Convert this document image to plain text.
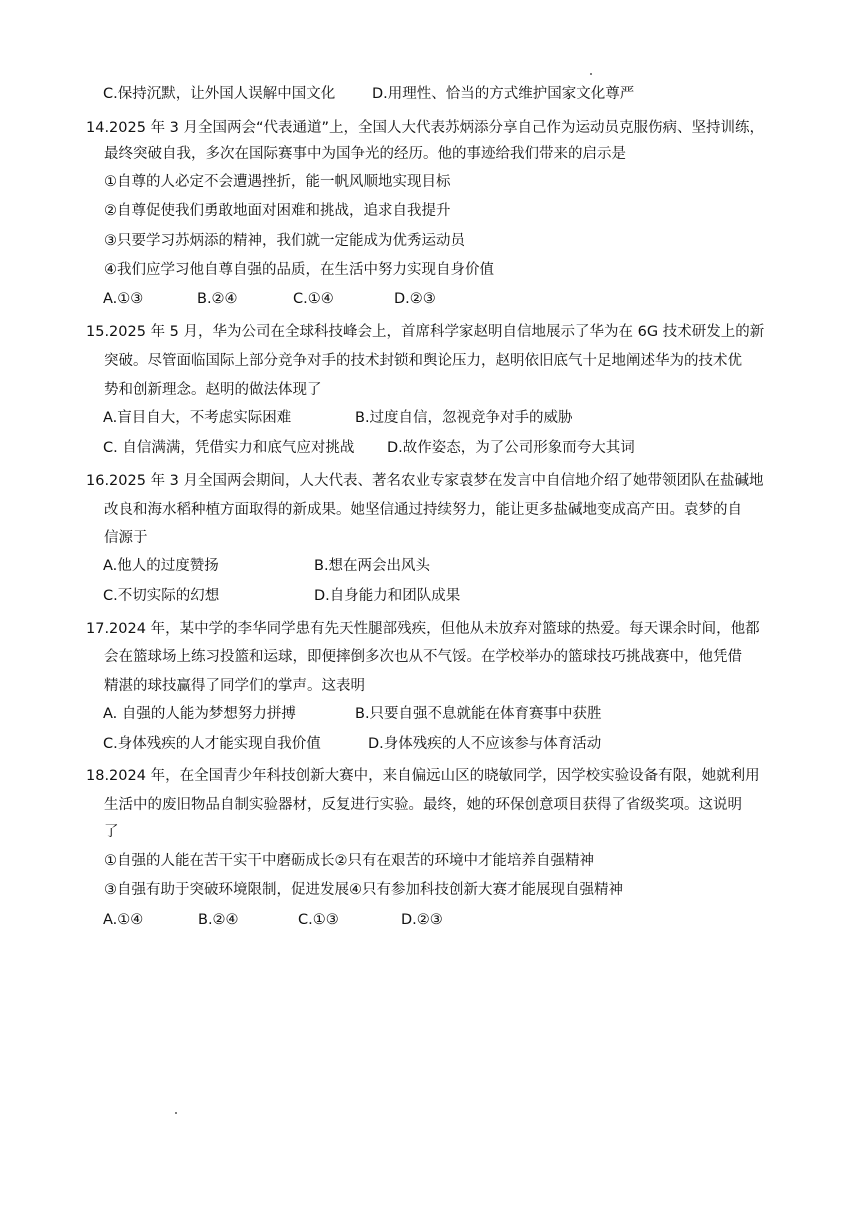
C.保持沉默，让外国人误解中国文化	D.用理性、恰当的方式维护国家文化尊严
14.2025 年 3 月全国两会“代表通道”上，全国人大代表苏炳添分享自己作为运动员克服伤病、坚持训练，
最终突破自我，多次在国际赛事中为国争光的经历。他的事迹给我们带来的启示是
①自尊的人必定不会遭遇挫折，能一帆风顺地实现目标
②自尊促使我们勇敢地面对困难和挑战，追求自我提升
③只要学习苏炳添的精神，我们就一定能成为优秀运动员
④我们应学习他自尊自强的品质，在生活中努力实现自身价值
A.①③	B.②④	C.①④	D.②③
15.2025 年 5 月，华为公司在全球科技峰会上，首席科学家赵明自信地展示了华为在 6G 技术研发上的新
突破。尽管面临国际上部分竞争对手的技术封锁和舆论压力，赵明依旧底气十足地阐述华为的技术优
势和创新理念。赵明的做法体现了
A.盲目自大，不考虑实际困难	B.过度自信，忽视竞争对手的威胁
C. 自信满满，凭借实力和底气应对挑战 D.故作姿态，为了公司形象而夸大其词
16.2025 年 3 月全国两会期间，人大代表、著名农业专家袁梦在发言中自信地介绍了她带领团队在盐碱地
改良和海水稻种植方面取得的新成果。她坚信通过持续努力，能让更多盐碱地变成高产田。袁梦的自
信源于
A.他人的过度赞扬	B.想在两会出风头
C.不切实际的幻想	D.自身能力和团队成果
17.2024 年，某中学的李华同学患有先天性腿部残疾，但他从未放弃对篮球的热爱。每天课余时间，他都
会在篮球场上练习投篮和运球，即便摔倒多次也从不气馁。在学校举办的篮球技巧挑战赛中，他凭借
精湛的球技赢得了同学们的掌声。这表明
A. 自强的人能为梦想努力拼搏	B.只要自强不息就能在体育赛事中获胜
C.身体残疾的人才能实现自我价值	D.身体残疾的人不应该参与体育活动
18.2024 年，在全国青少年科技创新大赛中，来自偏远山区的晓敏同学，因学校实验设备有限，她就利用
生活中的废旧物品自制实验器材，反复进行实验。最终，她的环保创意项目获得了省级奖项。这说明
了
①自强的人能在苦干实干中磨砺成长②只有在艰苦的环境中才能培养自强精神
③自强有助于突破环境限制，促进发展④只有参加科技创新大赛才能展现自强精神
A.①④	B.②④	C.①③	D.②③
